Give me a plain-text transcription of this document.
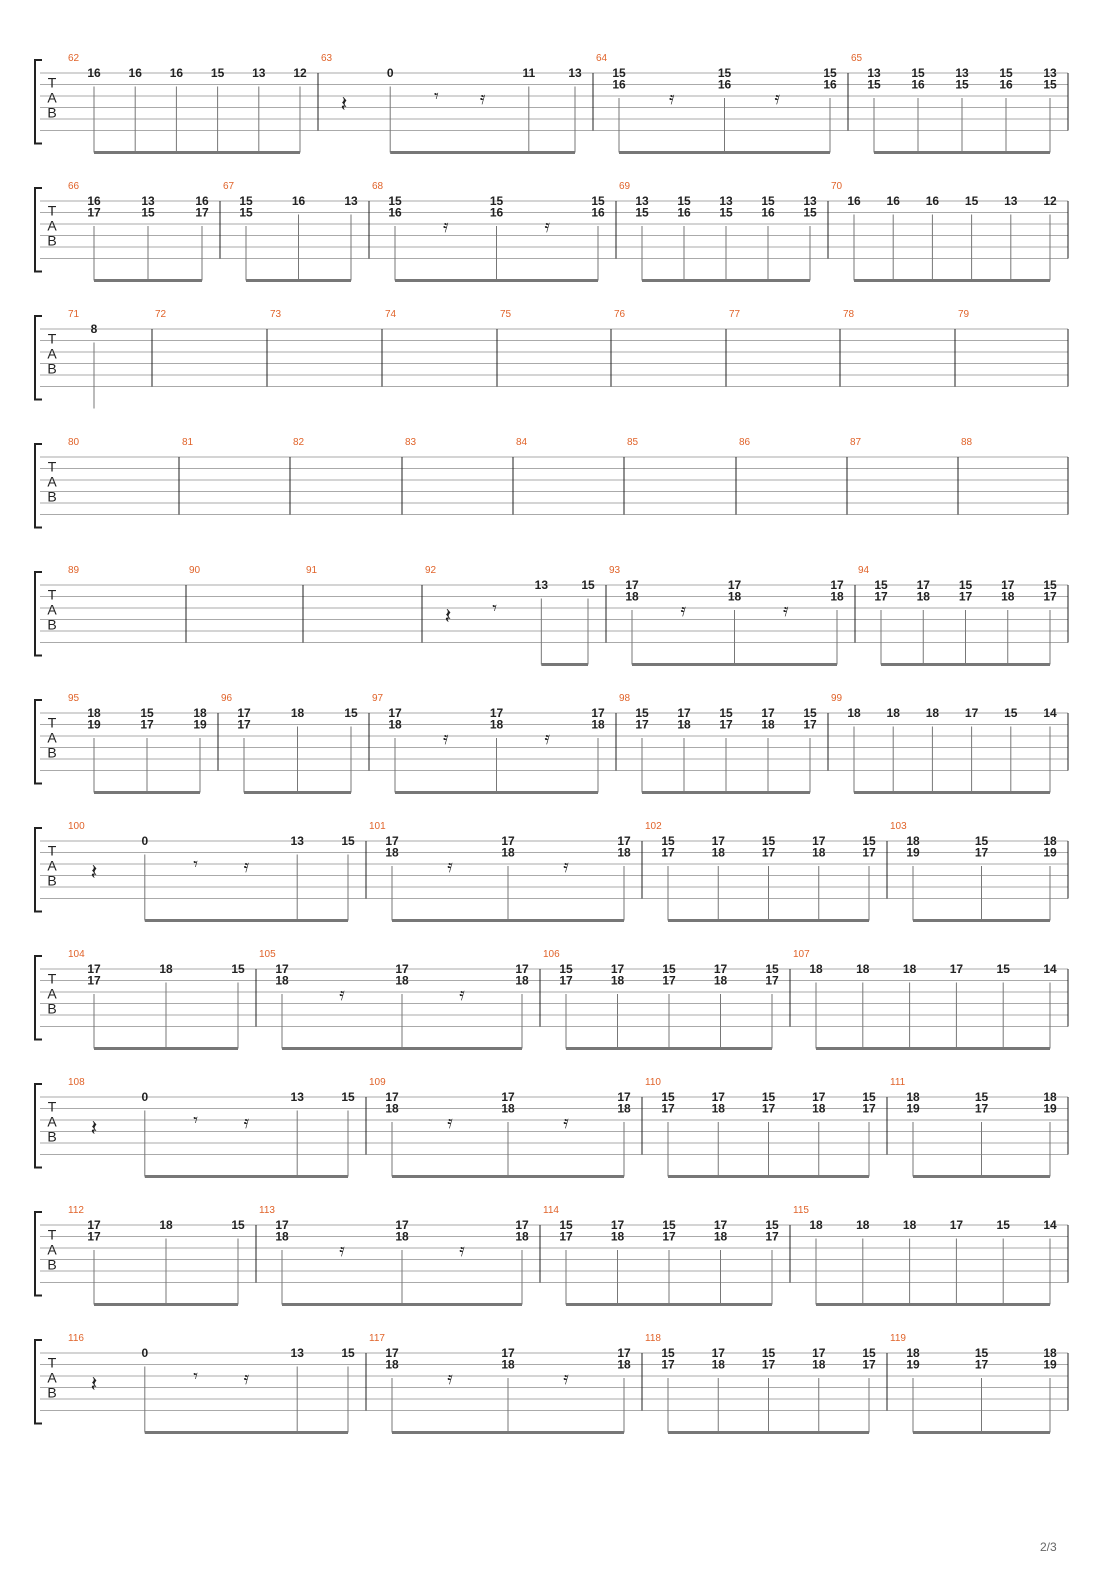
T
A
B
62
16 16 16 15 13 12
63
𝄽
0
𝄾 𝄿
11	13
64
15
16
𝄿
15
16
𝄿
15
16
65
13
15
15
16
13
15
15
16
13
15
T
A
B
66
16
17
13
15
16
17
67
15
15
16	13
68
15
16
𝄿
15
16
𝄿
15
16
69
13
15
15
16
13
15
15
16
13
15
70
16 16 16 15 13 12
T
A
B
71
8
72	73	74	75	76	77	78	79
T
A
B
80	81	82	83	84	85	86	87	88
T
A
B
89	90	91	92
𝄽 𝄾
13	15
93
17
18
𝄿
17
18
𝄿
17
18
94
15
17
17
18
15
17
17
18
15
17
T
A
B
95
18
19
15
17
18
19
96
17
17
18	15
97
17
18
𝄿
17
18
𝄿
17
18
98
15
17
17
18
15
17
17
18
15
17
99
18 18 18 17 15 14
T
A
B
100
𝄽
0
𝄾	𝄿
13	15
101
17
18
𝄿
17
18
𝄿
17
18
102
15
17
17
18
15
17
17
18
15
17
103
18
19
15
17
18
19
T
A
B
104
17
17
18	15
105
17
18
𝄿
17
18
𝄿
17
18
106
15
17
17
18
15
17
17
18
15
17
107
18	18	18	17	15	14
T
A
B
108
𝄽
0
𝄾	𝄿
13	15
109
17
18
𝄿
17
18
𝄿
17
18
110
15
17
17
18
15
17
17
18
15
17
111
18
19
15
17
18
19
T
A
B
112
17
17
18	15
113
17
18
𝄿
17
18
𝄿
17
18
114
15
17
17
18
15
17
17
18
15
17
115
18	18	18	17	15	14
T
A
B
116
𝄽
0
𝄾	𝄿
13	15
117
17
18
𝄿
17
18
𝄿
17
18
118
15
17
17
18
15
17
17
18
15
17
119
18
19
15
17
18
19
2/3
